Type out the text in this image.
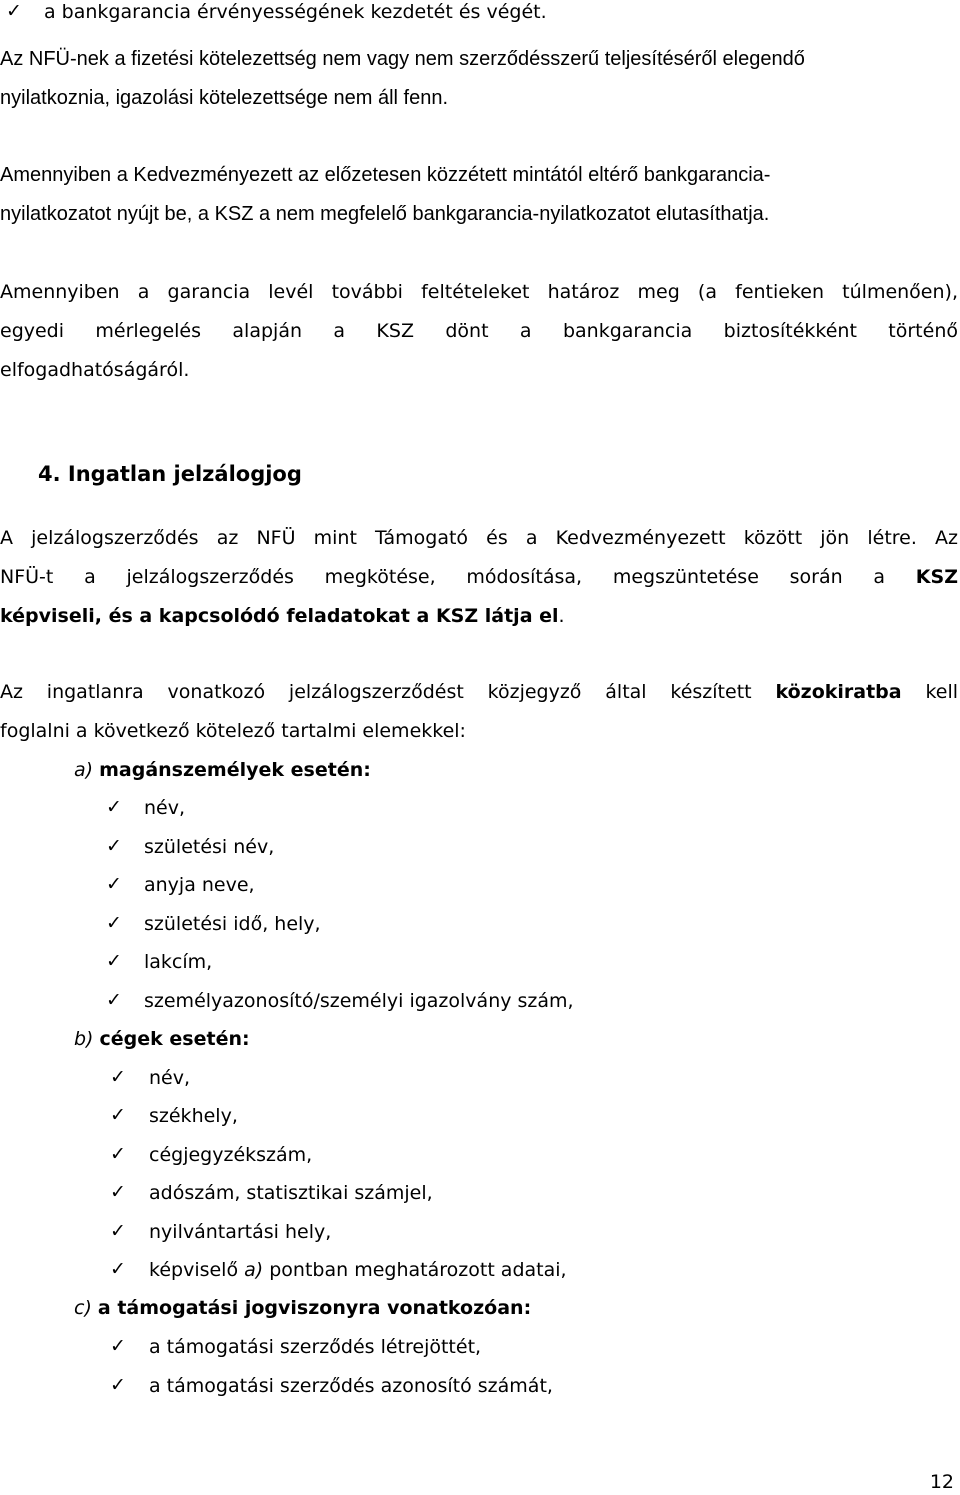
✓ a bankgarancia érvényességének kezdetét és végét.
Az NFÜ-nek a fizetési kötelezettség nem vagy nem szerződésszerű teljesítéséről elegendő
nyilatkoznia, igazolási kötelezettsége nem áll fenn.
Amennyiben a Kedvezményezett az előzetesen közzétett mintától eltérő bankgarancia-
nyilatkozatot nyújt be, a KSZ a nem megfelelő bankgarancia-nyilatkozatot elutasíthatja.
Amennyiben a garancia levél további feltételeket határoz meg (a fentieken túlmenően),
egyedi mérlegelés alapján a KSZ dönt a bankgarancia biztosítékként történő
elfogadhatóságáról.
4. Ingatlan jelzálogjog
A jelzálogszerződés az NFÜ mint Támogató és a Kedvezményezett között jön létre. Az
NFÜ-t a jelzálogszerződés megkötése, módosítása, megszüntetése során a KSZ
képviseli, és a kapcsolódó feladatokat a KSZ látja el.
Az ingatlanra vonatkozó jelzálogszerződést közjegyző által készített közokiratba kell
foglalni a következő kötelező tartalmi elemekkel:
a) magánszemélyek esetén:
✓ név,
✓ születési név,
✓ anyja neve,
✓ születési idő, hely,
✓ lakcím,
✓ személyazonosító/személyi igazolvány szám,
b) cégek esetén:
✓ név,
✓ székhely,
✓ cégjegyzékszám,
✓ adószám, statisztikai számjel,
✓ nyilvántartási hely,
✓ képviselő a) pontban meghatározott adatai,
c) a támogatási jogviszonyra vonatkozóan:
✓ a támogatási szerződés létrejöttét,
✓ a támogatási szerződés azonosító számát,
12
